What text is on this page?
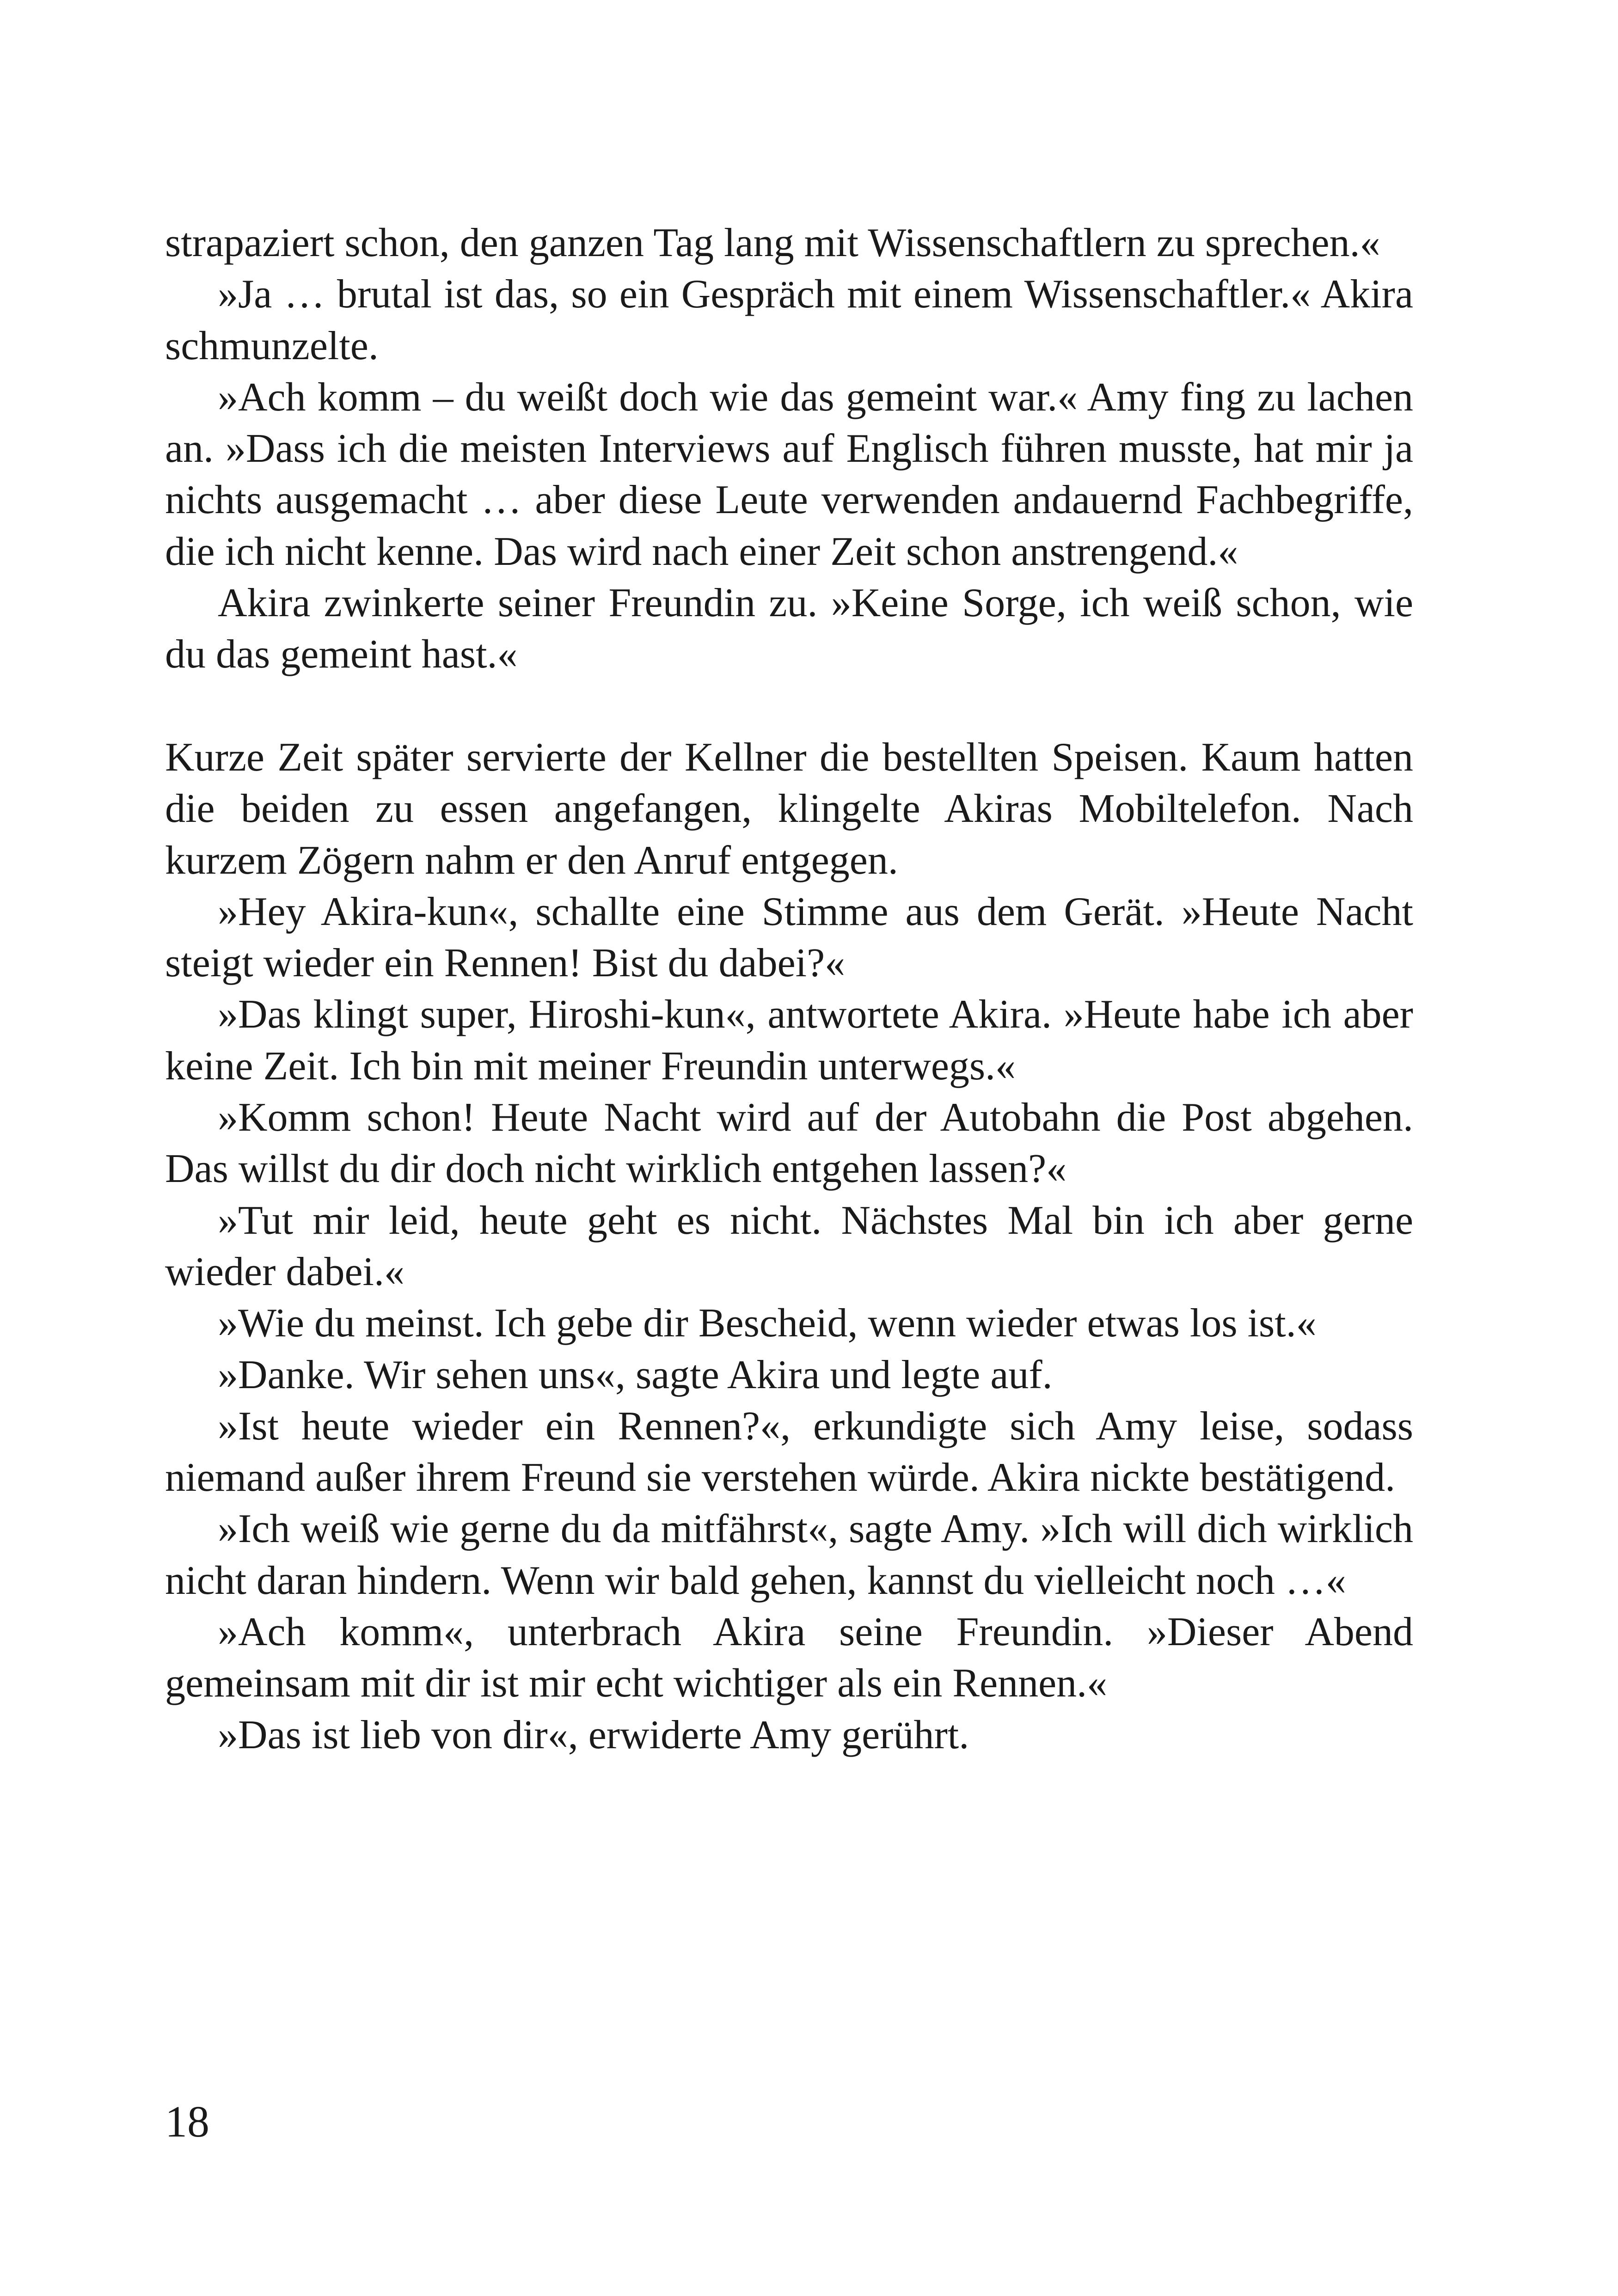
strapaziert schon, den ganzen Tag lang mit Wissenschaftlern zu sprechen.«

»Ja … brutal ist das, so ein Gespräch mit einem Wissenschaftler.« Akira schmunzelte.

»Ach komm – du weißt doch wie das gemeint war.« Amy fing zu lachen an. »Dass ich die meisten Interviews auf Englisch führen musste, hat mir ja nichts ausgemacht … aber diese Leute verwenden andauernd Fachbegriffe, die ich nicht kenne. Das wird nach einer Zeit schon anstrengend.«

Akira zwinkerte seiner Freundin zu. »Keine Sorge, ich weiß schon, wie du das gemeint hast.«

Kurze Zeit später servierte der Kellner die bestellten Speisen. Kaum hatten die beiden zu essen angefangen, klingelte Akiras Mobiltelefon. Nach kurzem Zögern nahm er den Anruf entgegen.

»Hey Akira-kun«, schallte eine Stimme aus dem Gerät. »Heute Nacht steigt wieder ein Rennen! Bist du dabei?«

»Das klingt super, Hiroshi-kun«, antwortete Akira. »Heute habe ich aber keine Zeit. Ich bin mit meiner Freundin unterwegs.«

»Komm schon! Heute Nacht wird auf der Autobahn die Post abgehen. Das willst du dir doch nicht wirklich entgehen lassen?«

»Tut mir leid, heute geht es nicht. Nächstes Mal bin ich aber gerne wieder dabei.«

»Wie du meinst. Ich gebe dir Bescheid, wenn wieder etwas los ist.«

»Danke. Wir sehen uns«, sagte Akira und legte auf.

»Ist heute wieder ein Rennen?«, erkundigte sich Amy leise, sodass niemand außer ihrem Freund sie verstehen würde. Akira nickte bestätigend.

»Ich weiß wie gerne du da mitfährst«, sagte Amy. »Ich will dich wirklich nicht daran hindern. Wenn wir bald gehen, kannst du vielleicht noch …«

»Ach komm«, unterbrach Akira seine Freundin. »Dieser Abend gemeinsam mit dir ist mir echt wichtiger als ein Rennen.«

»Das ist lieb von dir«, erwiderte Amy gerührt.

18
